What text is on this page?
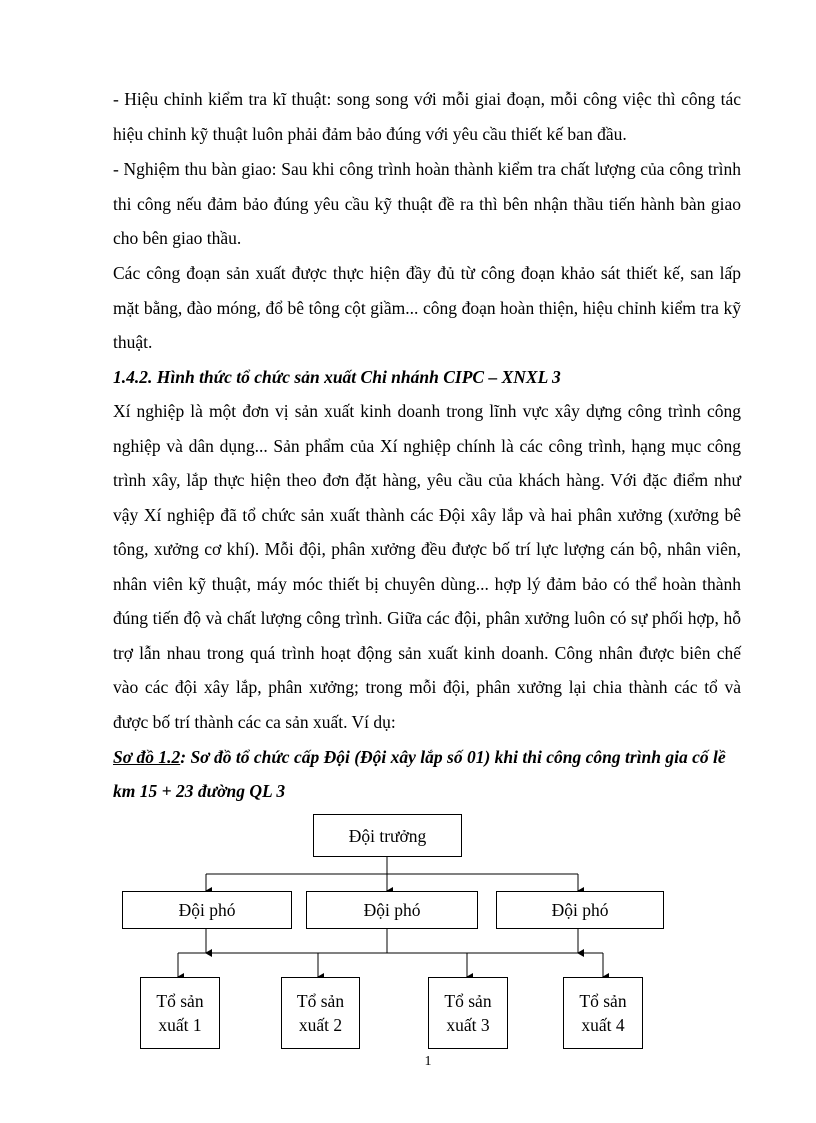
- Hiệu chỉnh kiểm tra kĩ thuật: song song với mỗi giai đoạn, mỗi công việc thì công tác hiệu chỉnh kỹ thuật luôn phải đảm bảo đúng với yêu cầu thiết kế ban đầu.

- Nghiệm thu bàn giao: Sau khi công trình hoàn thành kiểm tra chất lượng của công trình thi công nếu đảm bảo đúng yêu cầu kỹ thuật đề ra thì bên nhận thầu tiến hành bàn giao cho bên giao thầu.

Các công đoạn sản xuất được thực hiện đầy đủ từ công đoạn khảo sát thiết kế, san lấp mặt bằng, đào móng, đổ bê tông cột giầm... công đoạn hoàn thiện, hiệu chỉnh kiểm tra kỹ thuật.

1.4.2. Hình thức tổ chức sản xuất Chi nhánh CIPC – XNXL 3

Xí nghiệp là một đơn vị sản xuất kinh doanh trong lĩnh vực xây dựng công trình công nghiệp và dân dụng... Sản phẩm của Xí nghiệp chính là các công trình, hạng mục công trình xây, lắp thực hiện theo đơn đặt hàng, yêu cầu của khách hàng. Với đặc điểm như vậy Xí nghiệp đã tổ chức sản xuất thành các Đội xây lắp và hai phân xưởng (xưởng bê tông, xưởng cơ khí). Mỗi đội, phân xưởng đều được bố trí lực lượng cán bộ, nhân viên, nhân viên kỹ thuật, máy móc thiết bị chuyên dùng... hợp lý đảm bảo có thể hoàn thành đúng tiến độ và chất lượng công trình. Giữa các đội, phân xưởng luôn có sự phối hợp, hỗ trợ lẫn nhau trong quá trình hoạt động sản xuất kinh doanh. Công nhân được biên chế vào các đội xây lắp, phân xưởng; trong mỗi đội, phân xưởng lại chia thành các tổ và được bố trí thành các ca sản xuất. Ví dụ:

Sơ đồ 1.2: Sơ đồ tổ chức cấp Đội (Đội xây lắp số 01) khi thi công công trình gia cố lề km 15 + 23 đường QL 3

Đội trưởng
Đội phó	Đội phó	Đội phó
Tổ sản xuất 1
Tổ sản xuất 2
Tổ sản xuất 3
Tổ sản xuất 4
1
